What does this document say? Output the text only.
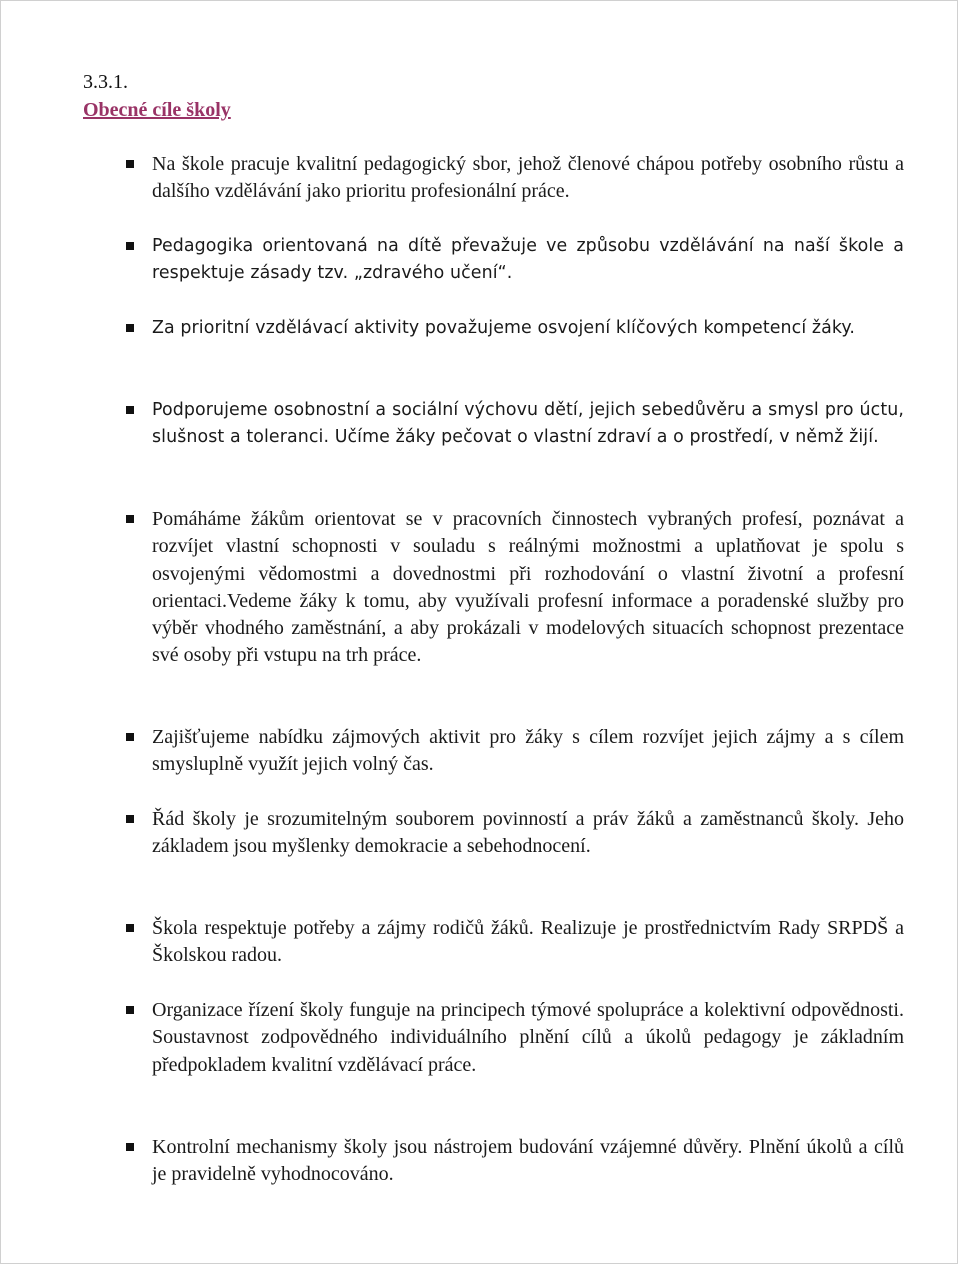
3.3.1.
Obecné cíle školy
Na škole pracuje kvalitní pedagogický sbor, jehož členové chápou potřeby osobního růstu a dalšího vzdělávání jako prioritu profesionální práce.
Pedagogika orientovaná na dítě převažuje ve způsobu vzdělávání na naší škole a respektuje zásady tzv. „zdravého učení“.
Za prioritní vzdělávací aktivity považujeme osvojení klíčových kompetencí žáky.
Podporujeme osobnostní a sociální výchovu dětí, jejich sebedůvěru a smysl pro úctu, slušnost a toleranci. Učíme žáky pečovat o vlastní zdraví a o prostředí, v němž žijí.
Pomáháme žákům orientovat se v pracovních činnostech vybraných profesí, poznávat a rozvíjet vlastní schopnosti v souladu s reálnými možnostmi a uplatňovat je spolu s osvojenými vědomostmi a dovednostmi při rozhodování o vlastní životní a profesní orientaci.Vedeme žáky k tomu, aby využívali profesní informace a poradenské služby pro výběr vhodného zaměstnání, a aby prokázali v modelových situacích schopnost prezentace své osoby při vstupu na trh práce.
Zajišťujeme nabídku zájmových aktivit pro žáky s cílem rozvíjet jejich zájmy a s cílem smysluplně využít jejich volný čas.
Řád školy je srozumitelným souborem povinností a práv žáků a zaměstnanců školy. Jeho základem jsou myšlenky demokracie a sebehodnocení.
Škola respektuje potřeby a zájmy rodičů žáků. Realizuje je prostřednictvím Rady SRPDŠ a Školskou radou.
Organizace řízení školy funguje na principech týmové spolupráce a kolektivní odpovědnosti. Soustavnost zodpovědného individuálního plnění cílů a úkolů pedagogy je základním předpokladem kvalitní vzdělávací práce.
Kontrolní mechanismy školy jsou nástrojem budování vzájemné důvěry. Plnění úkolů a cílů je pravidelně vyhodnocováno.
